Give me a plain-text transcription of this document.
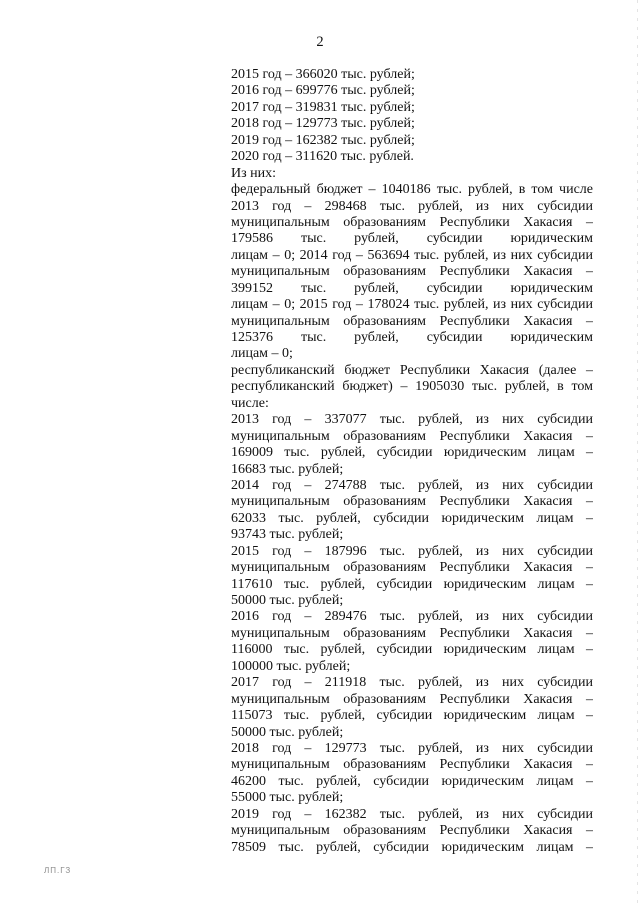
2
2015 год – 366020 тыс. рублей;
2016 год – 699776 тыс. рублей;
2017 год – 319831 тыс. рублей;
2018 год – 129773 тыс. рублей;
2019 год – 162382 тыс. рублей;
2020 год – 311620 тыс. рублей.
Из них:
федеральный бюджет – 1040186 тыс. рублей, в том числе
2013 год – 298468 тыс. рублей, из них субсидии
муниципальным образованиям Республики Хакасия –
179586 тыс. рублей, субсидии юридическим
лицам – 0; 2014 год – 563694 тыс. рублей, из них субсидии
муниципальным образованиям Республики Хакасия –
399152 тыс. рублей, субсидии юридическим
лицам – 0; 2015 год – 178024 тыс. рублей, из них субсидии
муниципальным образованиям Республики Хакасия –
125376 тыс. рублей, субсидии юридическим
лицам – 0;
республиканский бюджет Республики Хакасия (далее –
республиканский бюджет) – 1905030 тыс. рублей, в том
числе:
2013 год – 337077 тыс. рублей, из них субсидии
муниципальным образованиям Республики Хакасия –
169009 тыс. рублей, субсидии юридическим лицам –
16683 тыс. рублей;
2014 год – 274788 тыс. рублей, из них субсидии
муниципальным образованиям Республики Хакасия –
62033 тыс. рублей, субсидии юридическим лицам –
93743 тыс. рублей;
2015 год – 187996 тыс. рублей, из них субсидии
муниципальным образованиям Республики Хакасия –
117610 тыс. рублей, субсидии юридическим лицам –
50000 тыс. рублей;
2016 год – 289476 тыс. рублей, из них субсидии
муниципальным образованиям Республики Хакасия –
116000 тыс. рублей, субсидии юридическим лицам –
100000 тыс. рублей;
2017 год – 211918 тыс. рублей, из них субсидии
муниципальным образованиям Республики Хакасия –
115073 тыс. рублей, субсидии юридическим лицам –
50000 тыс. рублей;
2018 год – 129773 тыс. рублей, из них субсидии
муниципальным образованиям Республики Хакасия –
46200 тыс. рублей, субсидии юридическим лицам –
55000 тыс. рублей;
2019 год – 162382 тыс. рублей, из них субсидии
муниципальным образованиям Республики Хакасия –
78509 тыс. рублей, субсидии юридическим лицам –
ЛП.ГЗ
